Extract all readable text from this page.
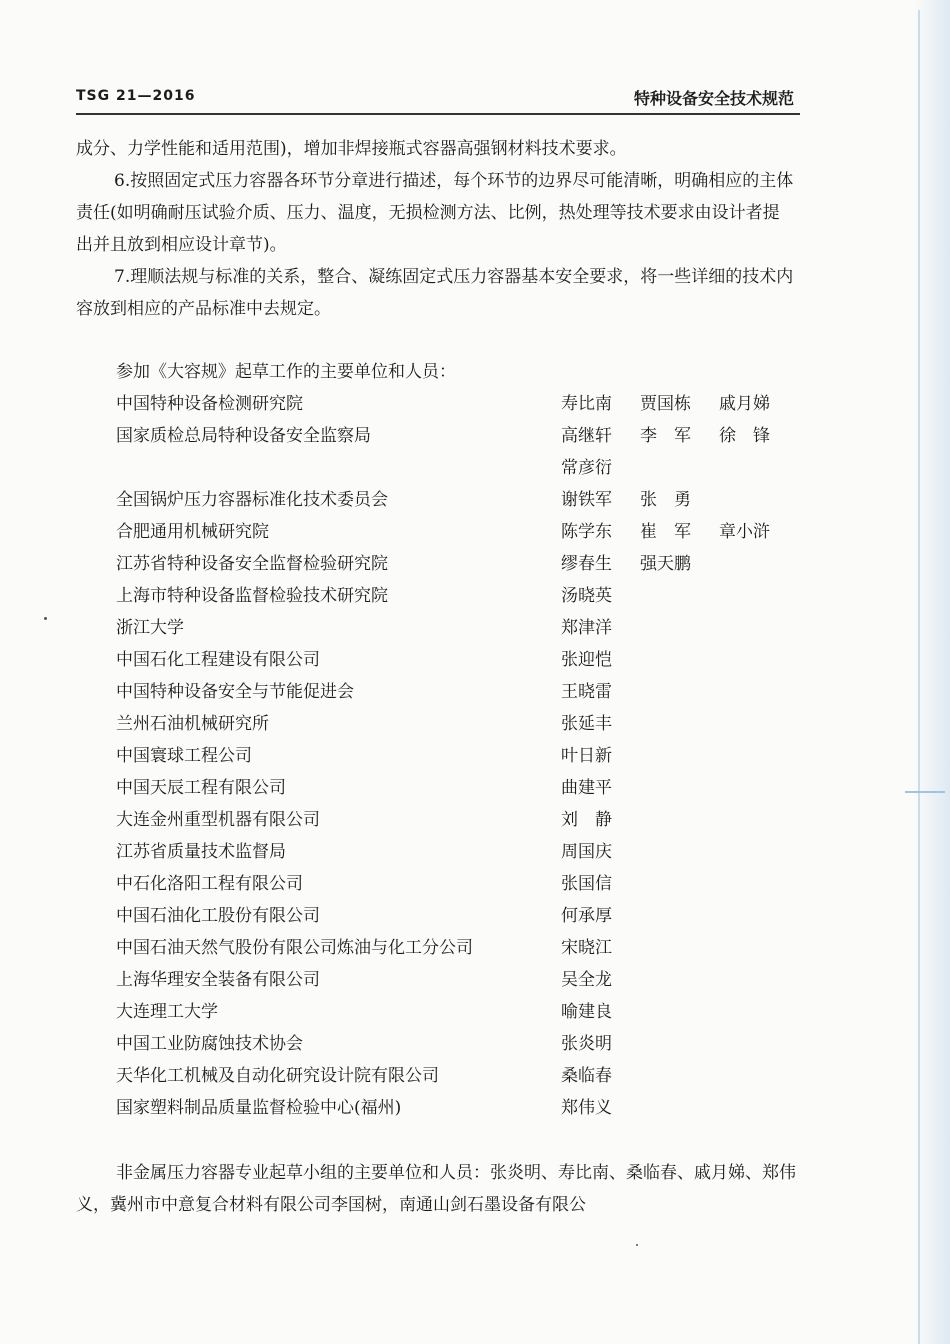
TSG 21—2016	特种设备安全技术规范

成分、力学性能和适用范围)，增加非焊接瓶式容器高强钢材料技术要求。

6.按照固定式压力容器各环节分章进行描述，每个环节的边界尽可能清晰，明确相应的主体责任(如明确耐压试验介质、压力、温度，无损检测方法、比例，热处理等技术要求由设计者提出并且放到相应设计章节)。

7.理顺法规与标准的关系，整合、凝练固定式压力容器基本安全要求，将一些详细的技术内容放到相应的产品标准中去规定。

参加《大容规》起草工作的主要单位和人员：
中国特种设备检测研究院	寿比南 贾国栋 戚月娣
国家质检总局特种设备安全监察局	高继轩 李　军 徐　锋
常彦衍
全国锅炉压力容器标准化技术委员会	谢铁军 张　勇
合肥通用机械研究院	陈学东 崔　军 章小浒
江苏省特种设备安全监督检验研究院	缪春生 强天鹏
上海市特种设备监督检验技术研究院	汤晓英
浙江大学	郑津洋
中国石化工程建设有限公司	张迎恺
中国特种设备安全与节能促进会	王晓雷
兰州石油机械研究所	张延丰
中国寰球工程公司	叶日新
中国天辰工程有限公司	曲建平
大连金州重型机器有限公司	刘　静
江苏省质量技术监督局	周国庆
中石化洛阳工程有限公司	张国信
中国石油化工股份有限公司	何承厚
中国石油天然气股份有限公司炼油与化工分公司	宋晓江
上海华理安全装备有限公司	吴全龙
大连理工大学	喻建良
中国工业防腐蚀技术协会	张炎明
天华化工机械及自动化研究设计院有限公司	桑临春
国家塑料制品质量监督检验中心(福州)	郑伟义

非金属压力容器专业起草小组的主要单位和人员：张炎明、寿比南、桑临春、戚月娣、郑伟义，冀州市中意复合材料有限公司李国树，南通山剑石墨设备有限公
